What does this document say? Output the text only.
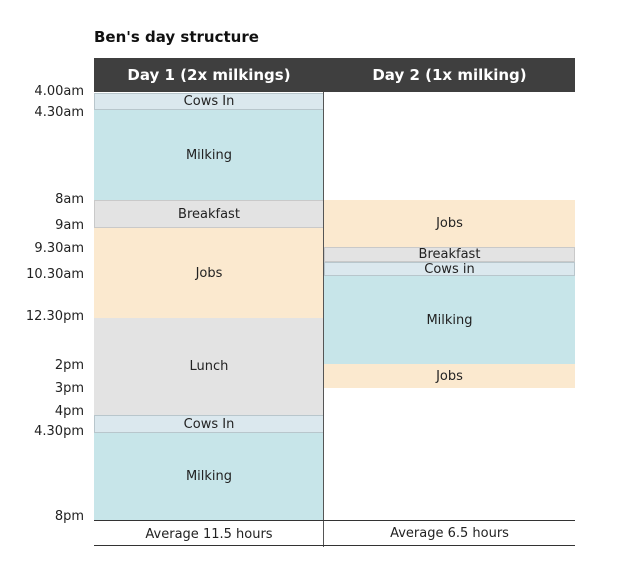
Ben's day structure
Day 1 (2x milkings)	Day 2 (1x milking)
4.00am
4.30am
8am
9am
9.30am
10.30am
12.30pm
2pm
3pm
4pm
4.30pm
8pm
Cows In
Milking
Breakfast
Jobs
Lunch
Cows In
Milking
Jobs
Breakfast
Cows in
Milking
Jobs
Average 11.5 hours	Average 6.5 hours
